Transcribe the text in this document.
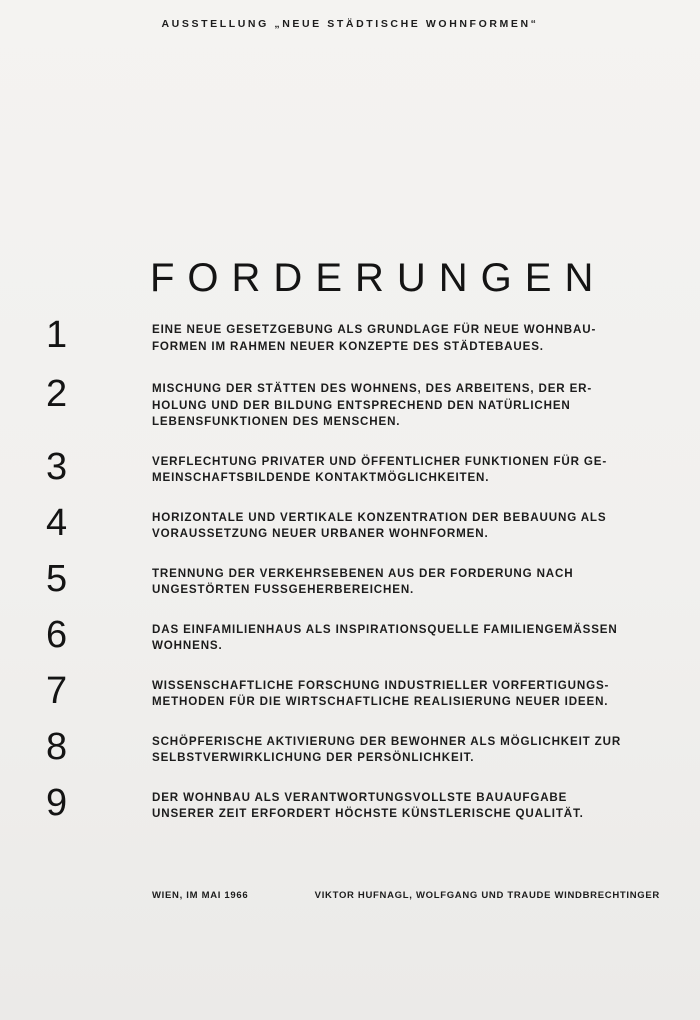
AUSSTELLUNG „NEUE STÄDTISCHE WOHNFORMEN“
FORDERUNGEN
1	EINE NEUE GESETZGEBUNG ALS GRUNDLAGE FÜR NEUE WOHNBAU-
FORMEN IM RAHMEN NEUER KONZEPTE DES STÄDTEBAUES.
2	MISCHUNG DER STÄTTEN DES WOHNENS, DES ARBEITENS, DER ER-
HOLUNG UND DER BILDUNG ENTSPRECHEND DEN NATÜRLICHEN
LEBENSFUNKTIONEN DES MENSCHEN.
3	VERFLECHTUNG PRIVATER UND ÖFFENTLICHER FUNKTIONEN FÜR GE-
MEINSCHAFTSBILDENDE KONTAKTMÖGLICHKEITEN.
4	HORIZONTALE UND VERTIKALE KONZENTRATION DER BEBAUUNG ALS
VORAUSSETZUNG NEUER URBANER WOHNFORMEN.
5	TRENNUNG DER VERKEHRSEBENEN AUS DER FORDERUNG NACH
UNGESTÖRTEN FUSSGEHERBEREICHEN.
6	DAS EINFAMILIENHAUS ALS INSPIRATIONSQUELLE FAMILIENGEMÄSSEN
WOHNENS.
7	WISSENSCHAFTLICHE FORSCHUNG INDUSTRIELLER VORFERTIGUNGS-
METHODEN FÜR DIE WIRTSCHAFTLICHE REALISIERUNG NEUER IDEEN.
8	SCHÖPFERISCHE AKTIVIERUNG DER BEWOHNER ALS MÖGLICHKEIT ZUR
SELBSTVERWIRKLICHUNG DER PERSÖNLICHKEIT.
9	DER WOHNBAU ALS VERANTWORTUNGSVOLLSTE BAUAUFGABE
UNSERER ZEIT ERFORDERT HÖCHSTE KÜNSTLERISCHE QUALITÄT.
WIEN, IM MAI 1966	VIKTOR HUFNAGL, WOLFGANG UND TRAUDE WINDBRECHTINGER
